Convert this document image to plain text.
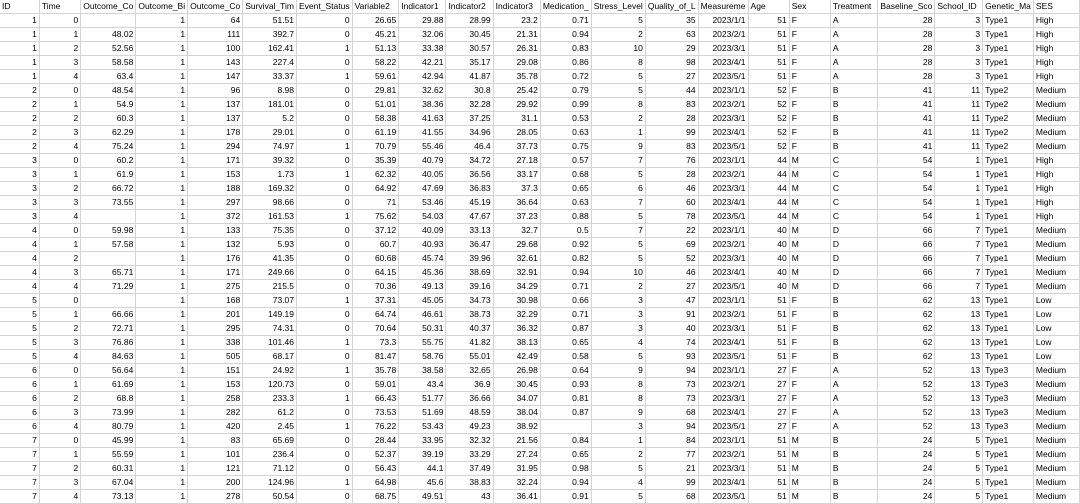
ID	Time	Outcome_Co	Outcome_Bi	Outcome_Co	Survival_Tim	Event_Status	Variable2	Indicator1	Indicator2	Indicator3	Medication_	Stress_Level	Quality_of_L	Measureme	Age	Sex	Treatment	Baseline_Sco	School_ID	Genetic_Ma	SES
1	0		1	64	51.51	0	26.65	29.88	28.99	23.2	0.71	5	35	2023/1/1	51	F	A	28	3	Type1	High
1	1	48.02	1	111	392.7	0	45.21	32.06	30.45	21.31	0.94	2	63	2023/2/1	51	F	A	28	3	Type1	High
1	2	52.56	1	100	162.41	1	51.13	33.38	30.57	26.31	0.83	10	29	2023/3/1	51	F	A	28	3	Type1	High
1	3	58.58	1	143	227.4	0	58.22	42.21	35.17	29.08	0.86	8	98	2023/4/1	51	F	A	28	3	Type1	High
1	4	63.4	1	147	33.37	1	59.61	42.94	41.87	35.78	0.72	5	27	2023/5/1	51	F	A	28	3	Type1	High
2	0	48.54	1	96	8.98	0	29.81	32.62	30.8	25.42	0.79	5	44	2023/1/1	52	F	B	41	11	Type2	Medium
2	1	54.9	1	137	181.01	0	51.01	38.36	32.28	29.92	0.99	8	83	2023/2/1	52	F	B	41	11	Type2	Medium
2	2	60.3	1	137	5.2	0	58.38	41.63	37.25	31.1	0.53	2	28	2023/3/1	52	F	B	41	11	Type2	Medium
2	3	62.29	1	178	29.01	0	61.19	41.55	34.96	28.05	0.63	1	99	2023/4/1	52	F	B	41	11	Type2	Medium
2	4	75.24	1	294	74.97	1	70.79	55.46	46.4	37.73	0.75	9	83	2023/5/1	52	F	B	41	11	Type2	Medium
3	0	60.2	1	171	39.32	0	35.39	40.79	34.72	27.18	0.57	7	76	2023/1/1	44	M	C	54	1	Type1	High
3	1	61.9	1	153	1.73	1	62.32	40.05	36.56	33.17	0.68	5	28	2023/2/1	44	M	C	54	1	Type1	High
3	2	66.72	1	188	169.32	0	64.92	47.69	36.83	37.3	0.65	6	46	2023/3/1	44	M	C	54	1	Type1	High
3	3	73.55	1	297	98.66	0	71	53.46	45.19	36.64	0.63	7	60	2023/4/1	44	M	C	54	1	Type1	High
3	4		1	372	161.53	1	75.62	54.03	47.67	37.23	0.88	5	78	2023/5/1	44	M	C	54	1	Type1	High
4	0	59.98	1	133	75.35	0	37.12	40.09	33.13	32.7	0.5	7	22	2023/1/1	40	M	D	66	7	Type1	Medium
4	1	57.58	1	132	5.93	0	60.7	40.93	36.47	29.68	0.92	5	69	2023/2/1	40	M	D	66	7	Type1	Medium
4	2		1	176	41.35	0	60.68	45.74	39.96	32.61	0.82	5	52	2023/3/1	40	M	D	66	7	Type1	Medium
4	3	65.71	1	171	249.66	0	64.15	45.36	38.69	32.91	0.94	10	46	2023/4/1	40	M	D	66	7	Type1	Medium
4	4	71.29	1	275	215.5	0	70.36	49.13	39.16	34.29	0.71	2	27	2023/5/1	40	M	D	66	7	Type1	Medium
5	0		1	168	73.07	1	37.31	45.05	34.73	30.98	0.66	3	47	2023/1/1	51	F	B	62	13	Type1	Low
5	1	66.66	1	201	149.19	0	64.74	46.61	38.73	32.29	0.71	3	91	2023/2/1	51	F	B	62	13	Type1	Low
5	2	72.71	1	295	74.31	0	70.64	50.31	40.37	36.32	0.87	3	40	2023/3/1	51	F	B	62	13	Type1	Low
5	3	76.86	1	338	101.46	1	73.3	55.75	41.82	38.13	0.65	4	74	2023/4/1	51	F	B	62	13	Type1	Low
5	4	84.63	1	505	68.17	0	81.47	58.76	55.01	42.49	0.58	5	93	2023/5/1	51	F	B	62	13	Type1	Low
6	0	56.64	1	151	24.92	1	35.78	38.58	32.65	26.98	0.64	9	94	2023/1/1	27	F	A	52	13	Type3	Medium
6	1	61.69	1	153	120.73	0	59.01	43.4	36.9	30.45	0.93	8	73	2023/2/1	27	F	A	52	13	Type3	Medium
6	2	68.8	1	258	233.3	1	66.43	51.77	36.66	34.07	0.81	8	73	2023/3/1	27	F	A	52	13	Type3	Medium
6	3	73.99	1	282	61.2	0	73.53	51.69	48.59	38.04	0.87	9	68	2023/4/1	27	F	A	52	13	Type3	Medium
6	4	80.79	1	420	2.45	1	76.22	53.43	49.23	38.92		3	94	2023/5/1	27	F	A	52	13	Type3	Medium
7	0	45.99	1	83	65.69	0	28.44	33.95	32.32	21.56	0.84	1	84	2023/1/1	51	M	B	24	5	Type1	Medium
7	1	55.59	1	101	236.4	0	52.37	39.19	33.29	27.24	0.65	2	77	2023/2/1	51	M	B	24	5	Type1	Medium
7	2	60.31	1	121	71.12	0	56.43	44.1	37.49	31.95	0.98	5	21	2023/3/1	51	M	B	24	5	Type1	Medium
7	3	67.04	1	200	124.96	1	64.98	45.6	38.83	32.24	0.94	4	99	2023/4/1	51	M	B	24	5	Type1	Medium
7	4	73.13	1	278	50.54	0	68.75	49.51	43	36.41	0.91	5	68	2023/5/1	51	M	B	24	5	Type1	Medium
